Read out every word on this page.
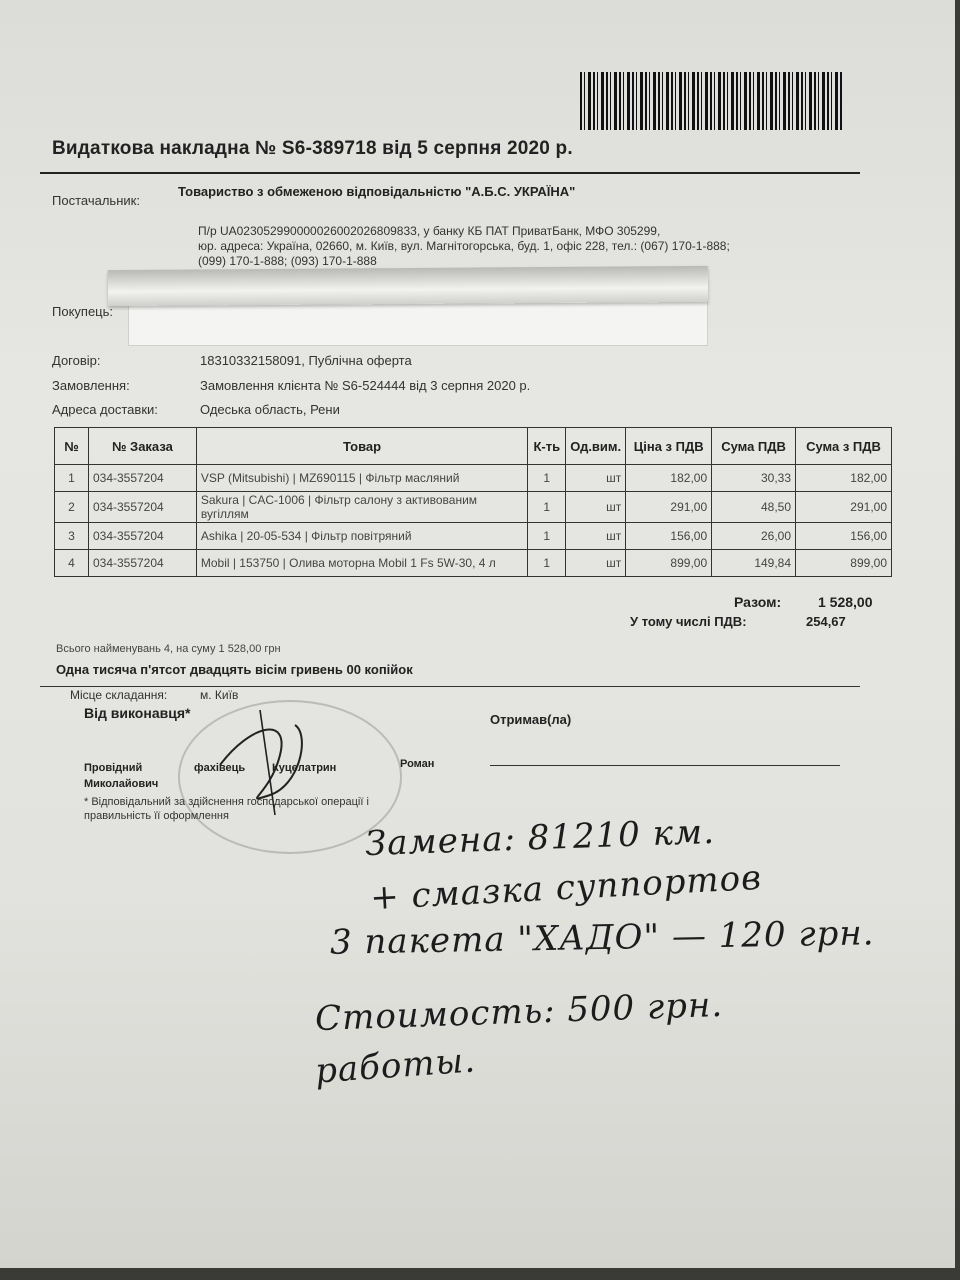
Видаткова накладна № S6-389718 від 5 серпня 2020 р.
Постачальник:
Товариство з обмеженою відповідальністю "А.Б.С. УКРАЇНА"
П/р UA023052990000026002026809833, у банку КБ ПАТ ПриватБанк, МФО 305299,
юр. адреса: Україна, 02660, м. Київ, вул. Магнітогорська, буд. 1, офіс 228, тел.: (067) 170-1-888;
(099) 170-1-888; (093) 170-1-888
Покупець:
Договір:	18310332158091, Публічна оферта
Замовлення:	Замовлення клієнта № S6-524444 від 3 серпня 2020 р.
Адреса доставки:	Одеська область, Рени
№	№ Заказа	Товар	К-ть	Од.вим.	Ціна з ПДВ	Сума ПДВ	Сума з ПДВ
1	034-3557204	VSP (Mitsubishi) | MZ690115 | Фільтр масляний	1	шт	182,00	30,33	182,00
2	034-3557204	Sakura | CAC-1006 | Фільтр салону з активованим вугіллям	1	шт	291,00	48,50	291,00
3	034-3557204	Ashika | 20-05-534 | Фільтр повітряний	1	шт	156,00	26,00	156,00
4	034-3557204	Mobil | 153750 | Олива моторна Mobil 1 Fs 5W-30, 4 л	1	шт	899,00	149,84	899,00
Разом:	1 528,00
У тому числі ПДВ:	254,67
Всього найменувань 4, на суму 1 528,00 грн
Одна тисяча п'ятсот двадцять вісім гривень 00 копійок
Місце складання:	м. Київ
Від виконавця*	Отримав(ла)
Провідний	фахівець Куцелатрин	Роман
Миколайович
* Відповідальний за здійснення господарської операції і правильність її оформлення	Замена: 81210 км.
+ смазка суппортов
3 пакета "ХАДО" — 120 грн.
Стоимость: 500 грн.
работы.
